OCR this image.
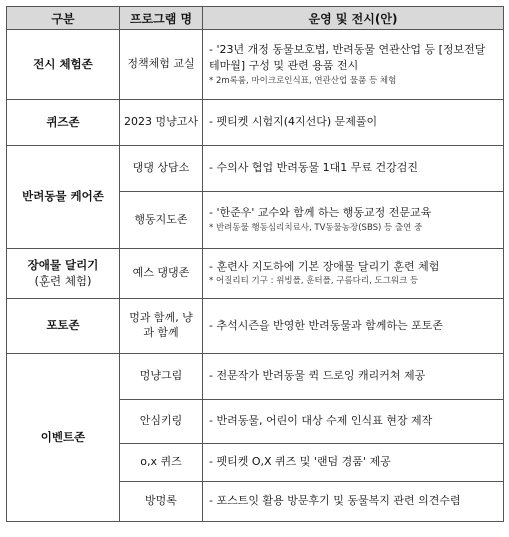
구분	프로그램 명	운영 및 전시(안)
전시 체험존	정책체험 교실	- '23년 개정 동물보호법, 반려동물 연관산업 등 [정보전달 테마월] 구성 및 관련 용품 전시
* 2m록룸, 마이크로인식표, 연관산업 물품 등 체험

퀴즈존	2023 멍냥고사	- 펫티켓 시험지(4지선다) 문제풀이

반려동물 케어존	댕댕 상담소	- 수의사 협업 반려동물 1대1 무료 건강검진

	행동지도존	- '한준우' 교수와 함께 하는 행동교정 전문교육
* 반려동물 행동심리치료사, TV동물농장(SBS) 등 출연 중

장애물 달리기
(훈련 체험)	예스 댕댕존	- 훈련사 지도하에 기본 장애물 달리기 훈련 체험
* 어질리티 기구 : 위빙폴, 훈터폴, 구름다리, 도그워크 등

포토존	멍과 함께, 냥과 함께	- 추석시즌을 반영한 반려동물과 함께하는 포토존

이벤트존	멍냥그림	- 전문작가 반려동물 퀵 드로잉 캐리커쳐 제공

	안심키링	- 반려동물, 어린이 대상 수제 인식표 현장 제작

	o,x 퀴즈	- 펫티켓 O,X 퀴즈 및 '랜덤 경품' 제공

	방멍록	- 포스트잇 활용 방문후기 및 동물복지 관련 의견수렴
